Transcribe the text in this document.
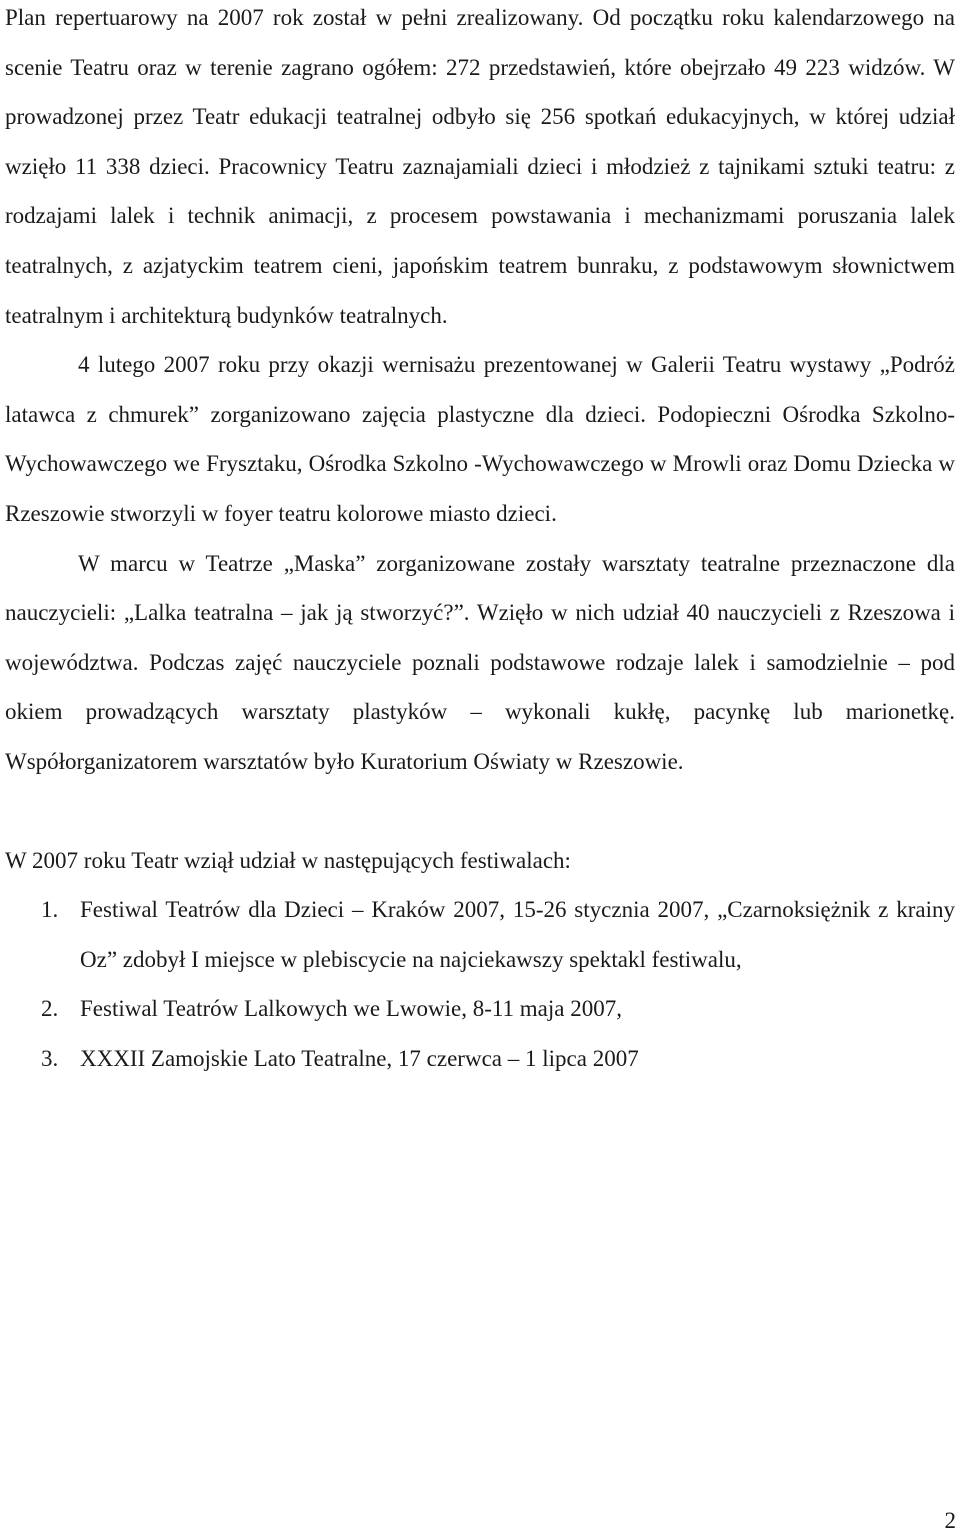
Plan repertuarowy na 2007 rok został w pełni zrealizowany. Od początku roku kalendarzowego na scenie Teatru oraz w terenie zagrano ogółem: 272 przedstawień, które obejrzało 49 223 widzów. W prowadzonej przez Teatr edukacji teatralnej odbyło się 256 spotkań edukacyjnych, w której udział wzięło 11 338 dzieci. Pracownicy Teatru zaznajamiali dzieci i młodzież z tajnikami sztuki teatru: z rodzajami lalek i technik animacji, z procesem powstawania i mechanizmami poruszania lalek teatralnych, z azjatyckim teatrem cieni, japońskim teatrem bunraku, z podstawowym słownictwem teatralnym i architekturą budynków teatralnych.

4 lutego 2007 roku przy okazji wernisażu prezentowanej w Galerii Teatru wystawy „Podróż latawca z chmurek” zorganizowano zajęcia plastyczne dla dzieci. Podopieczni Ośrodka Szkolno-Wychowawczego we Frysztaku, Ośrodka Szkolno -Wychowawczego w Mrowli oraz Domu Dziecka w Rzeszowie stworzyli w foyer teatru kolorowe miasto dzieci.

W marcu w Teatrze „Maska” zorganizowane zostały warsztaty teatralne przeznaczone dla nauczycieli: „Lalka teatralna – jak ją stworzyć?”. Wzięło w nich udział 40 nauczycieli z Rzeszowa i województwa. Podczas zajęć nauczyciele poznali podstawowe rodzaje lalek i samodzielnie – pod okiem prowadzących warsztaty plastyków – wykonali kukłę, pacynkę lub marionetkę. Współorganizatorem warsztatów było Kuratorium Oświaty w Rzeszowie.

W 2007 roku Teatr wziął udział w następujących festiwalach:

1. Festiwal Teatrów dla Dzieci – Kraków 2007, 15-26 stycznia 2007, „Czarnoksiężnik z krainy Oz” zdobył I miejsce w plebiscycie na najciekawszy spektakl festiwalu,
2. Festiwal Teatrów Lalkowych we Lwowie, 8-11 maja 2007,
3. XXXII Zamojskie Lato Teatralne, 17 czerwca – 1 lipca 2007
2
